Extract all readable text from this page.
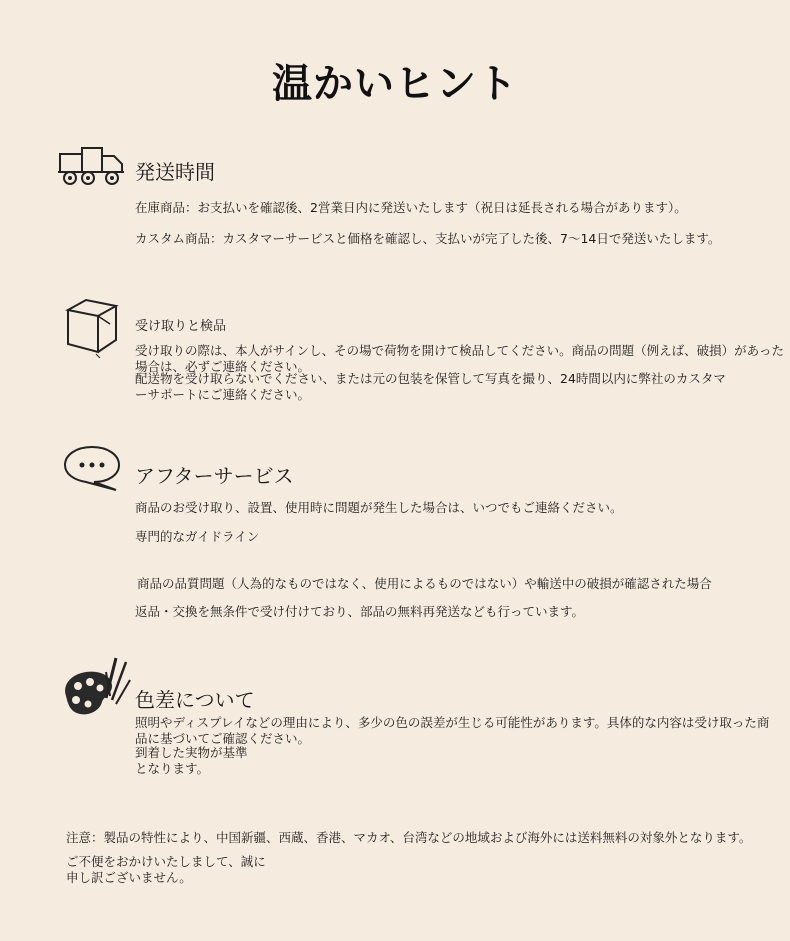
温かいヒント
発送時間
在庫商品：お支払いを確認後、2営業日内に発送いたします（祝日は延長される場合があります）。
カスタム商品：カスタマーサービスと価格を確認し、支払いが完了した後、7〜14日で発送いたします。
受け取りと検品
受け取りの際は、本人がサインし、その場で荷物を開けて検品してください。商品の問題（例えば、破損）があった場合は、必ずご連絡ください。
配送物を受け取らないでください、または元の包装を保管して写真を撮り、24時間以内に弊社のカスタマーサポートにご連絡ください。
アフターサービス
商品のお受け取り、設置、使用時に問題が発生した場合は、いつでもご連絡ください。
専門的なガイドライン
商品の品質問題（人為的なものではなく、使用によるものではない）や輸送中の破損が確認された場合
返品・交換を無条件で受け付けており、部品の無料再発送なども行っています。
色差について
照明やディスプレイなどの理由により、多少の色の誤差が生じる可能性があります。具体的な内容は受け取った商品に基づいてご確認ください。
到着した実物が基準となります。
注意：製品の特性により、中国新疆、西蔵、香港、マカオ、台湾などの地域および海外には送料無料の対象外となります。
ご不便をおかけいたしまして、誠に申し訳ございません。
